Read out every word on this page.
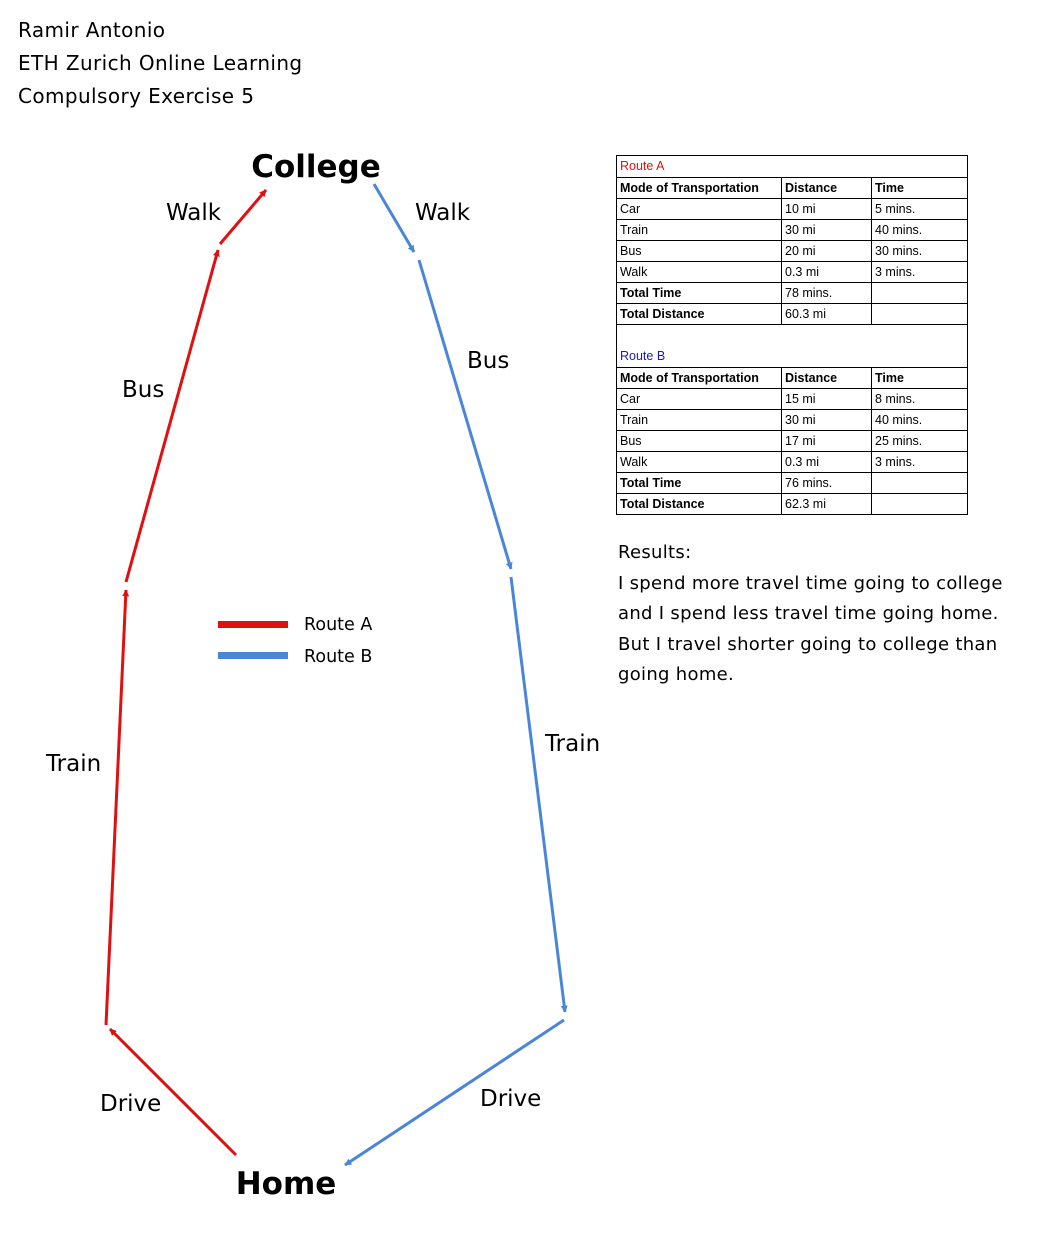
Ramir Antonio
ETH Zurich Online Learning
Compulsory Exercise 5
College
Home
Walk
Bus
Train
Drive
Walk
Bus
Train
Drive
Route A
Route B
Route A
Mode of Transportation	Distance	Time
Car	10 mi	5 mins.
Train	30 mi	40 mins.
Bus	20 mi	30 mins.
Walk	0.3 mi	3 mins.
Total Time	78 mins.	
Total Distance	60.3 mi	
Route B
Mode of Transportation	Distance	Time
Car	15 mi	8 mins.
Train	30 mi	40 mins.
Bus	17 mi	25 mins.
Walk	0.3 mi	3 mins.
Total Time	76 mins.	
Total Distance	62.3 mi	
Results:
I spend more travel time going to college
and I spend less travel time going home.
But I travel shorter going to college than
going home.
